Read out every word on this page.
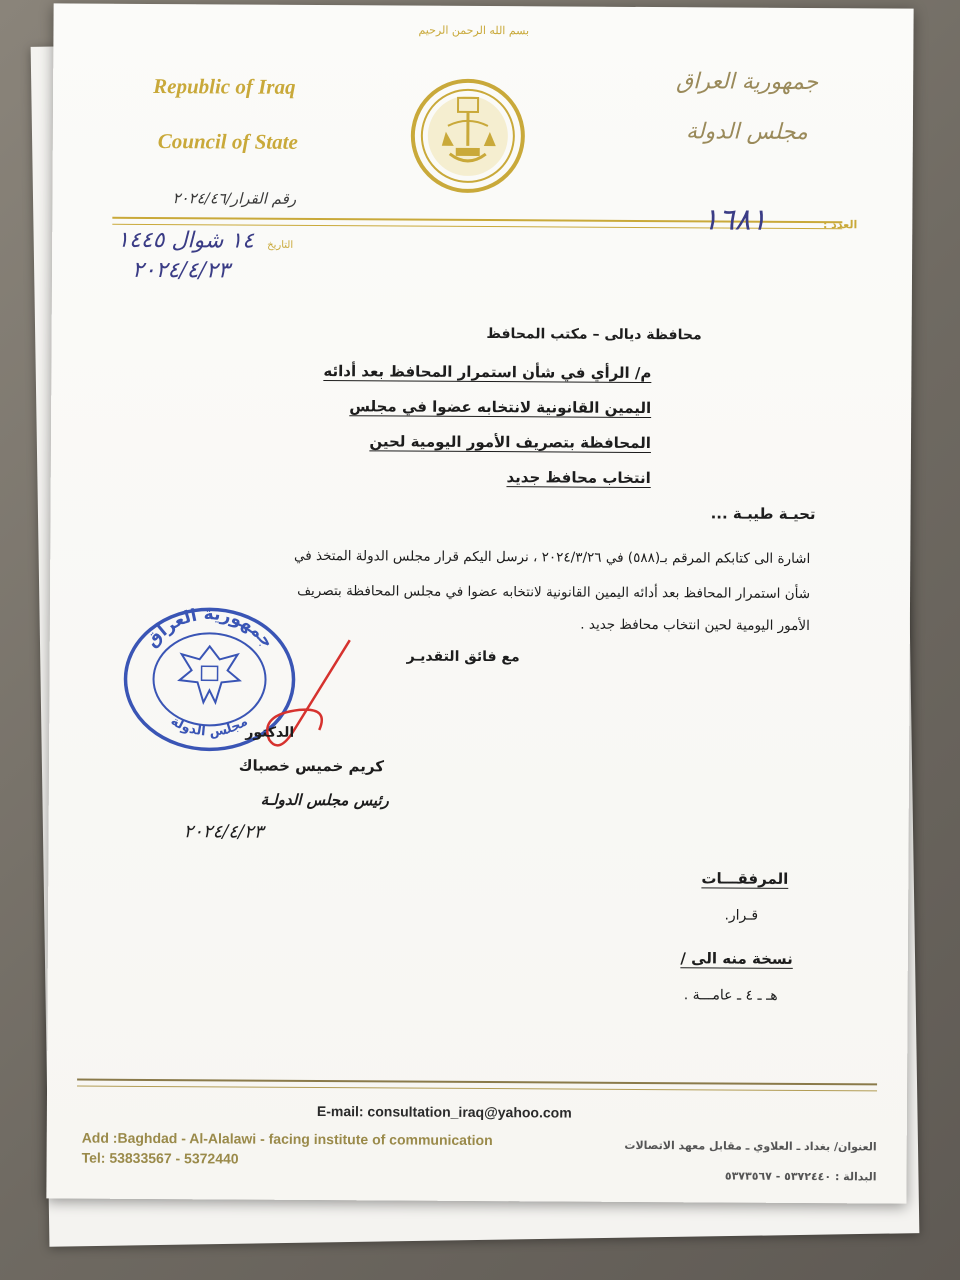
بسم الله الرحمن الرحيم
Republic of Iraq
Council of State
جمهورية العراق
مجلس الدولة
رقم القرار/٢٠٢٤/٤٦
العدد :
١٦٨١
التاريخ
١٤ شوال ١٤٤٥
٢٠٢٤/٤/٢٣
محافظة ديالى – مكتب المحافظ
م/ الرأي في شأن استمرار المحافظ بعد أدائه
اليمين القانونية لانتخابه عضوا في مجلس
المحافظة بتصريف الأمور اليومية لحين
انتخاب محافظ جديد
تحيـة طيبـة ...
اشارة الى كتابكم المرقم بـ(٥٨٨) في ٢٠٢٤/٣/٢٦ ، نرسل اليكم قرار مجلس الدولة المتخذ في
شأن استمرار المحافظ بعد أدائه اليمين القانونية لانتخابه عضوا في مجلس المحافظة بتصريف
الأمور اليومية لحين انتخاب محافظ جديد .
مع فائق التقديـر
جمهورية العراق
مجلس الدولة
الدكتور
كريم خميس خصباك
رئيس مجلس الدولـة
٢٠٢٤/٤/٢٣
المرفقـــات
قـرار.
نسخة منه الى /
هـ ـ ٤ ـ عامـــة .
E-mail: consultation_iraq@yahoo.com
Add :Baghdad - Al-Alalawi - facing institute of communication
Tel: 53833567 - 5372440
العنوان/ بغداد ـ العلاوي ـ مقابل معهد الاتصالات
البدالة : ٥٣٧٢٤٤٠ - ٥٣٧٣٥٦٧
